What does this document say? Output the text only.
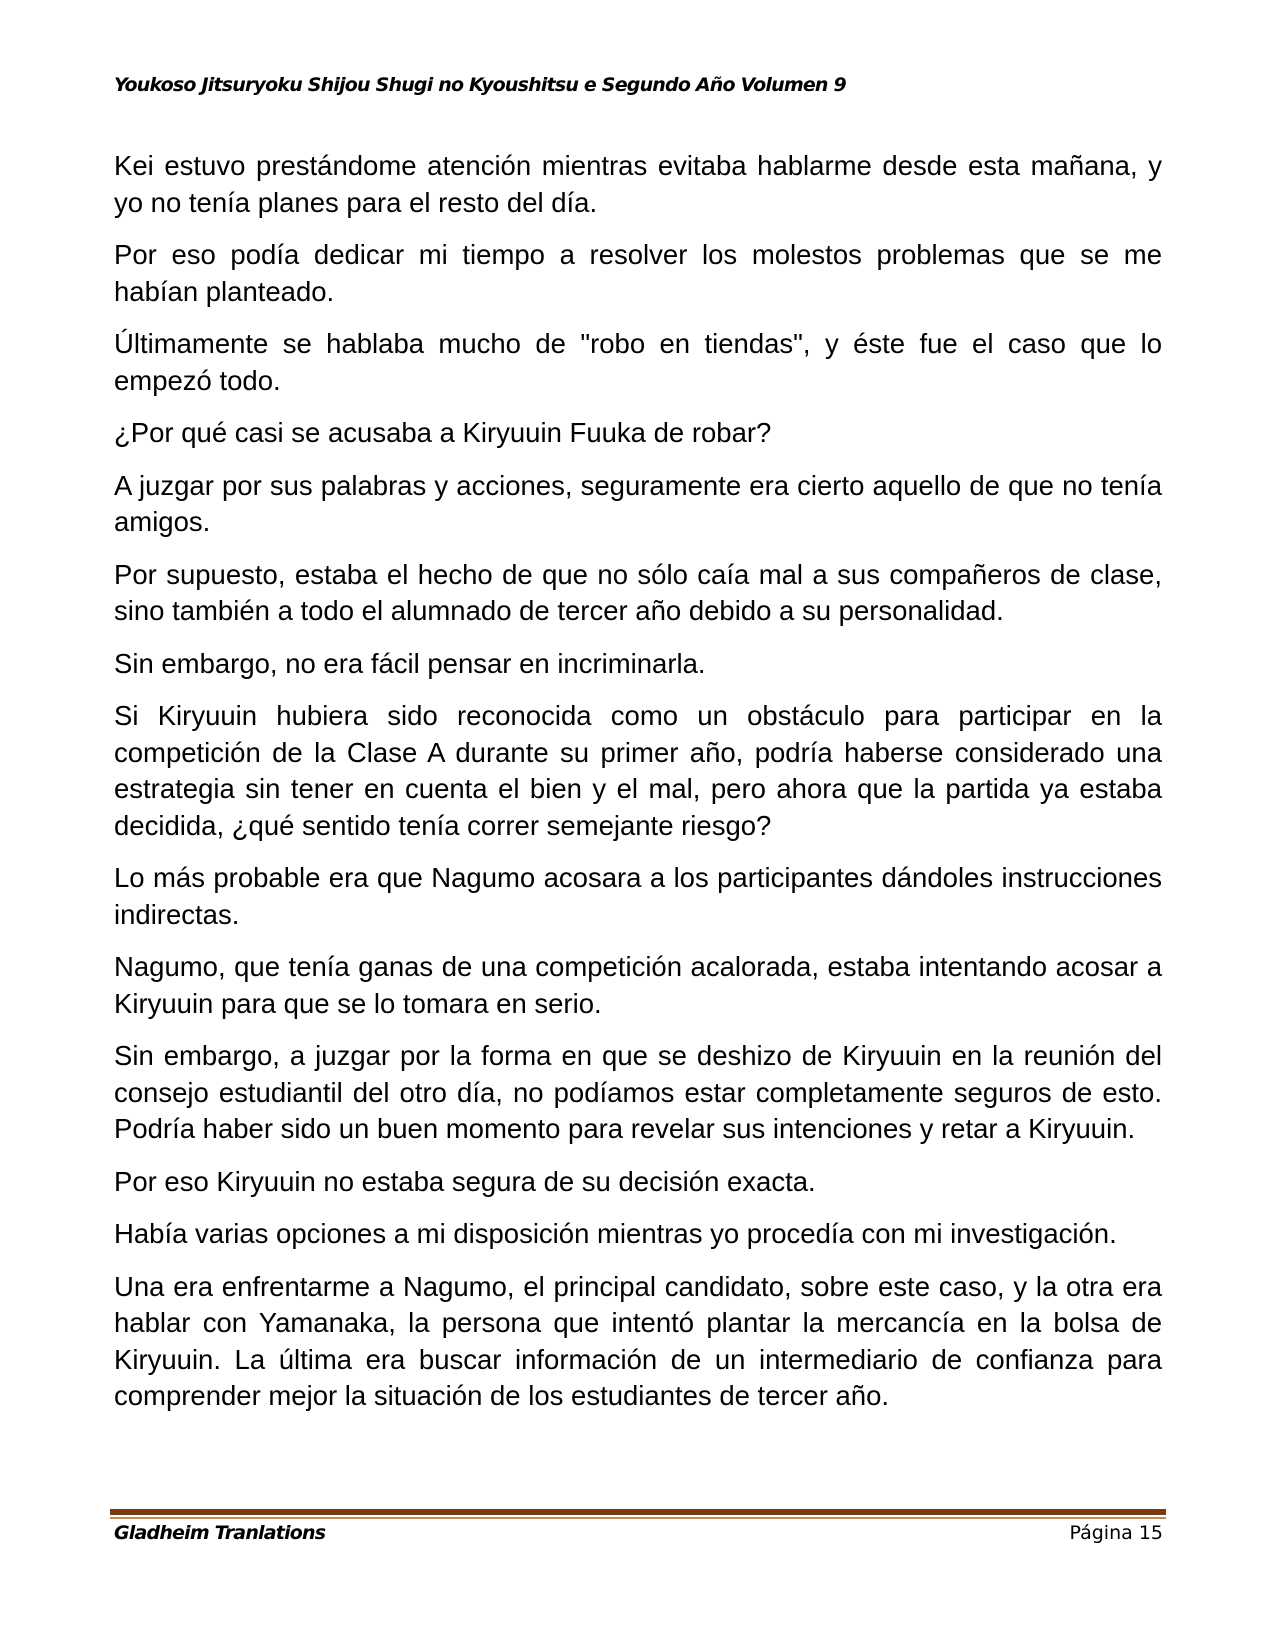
Youkoso Jitsuryoku Shijou Shugi no Kyoushitsu e Segundo Año Volumen 9

Kei estuvo prestándome atención mientras evitaba hablarme desde esta mañana, y yo no tenía planes para el resto del día.

Por eso podía dedicar mi tiempo a resolver los molestos problemas que se me habían planteado.

Últimamente se hablaba mucho de "robo en tiendas", y éste fue el caso que lo empezó todo.

¿Por qué casi se acusaba a Kiryuuin Fuuka de robar?

A juzgar por sus palabras y acciones, seguramente era cierto aquello de que no tenía amigos.

Por supuesto, estaba el hecho de que no sólo caía mal a sus compañeros de clase, sino también a todo el alumnado de tercer año debido a su personalidad.

Sin embargo, no era fácil pensar en incriminarla.

Si Kiryuuin hubiera sido reconocida como un obstáculo para participar en la competición de la Clase A durante su primer año, podría haberse considerado una estrategia sin tener en cuenta el bien y el mal, pero ahora que la partida ya estaba decidida, ¿qué sentido tenía correr semejante riesgo?

Lo más probable era que Nagumo acosara a los participantes dándoles instrucciones indirectas.

Nagumo, que tenía ganas de una competición acalorada, estaba intentando acosar a Kiryuuin para que se lo tomara en serio.

Sin embargo, a juzgar por la forma en que se deshizo de Kiryuuin en la reunión del consejo estudiantil del otro día, no podíamos estar completamente seguros de esto. Podría haber sido un buen momento para revelar sus intenciones y retar a Kiryuuin.

Por eso Kiryuuin no estaba segura de su decisión exacta.

Había varias opciones a mi disposición mientras yo procedía con mi investigación.

Una era enfrentarme a Nagumo, el principal candidato, sobre este caso, y la otra era hablar con Yamanaka, la persona que intentó plantar la mercancía en la bolsa de Kiryuuin. La última era buscar información de un intermediario de confianza para comprender mejor la situación de los estudiantes de tercer año.

Gladheim Tranlations	Página 15
